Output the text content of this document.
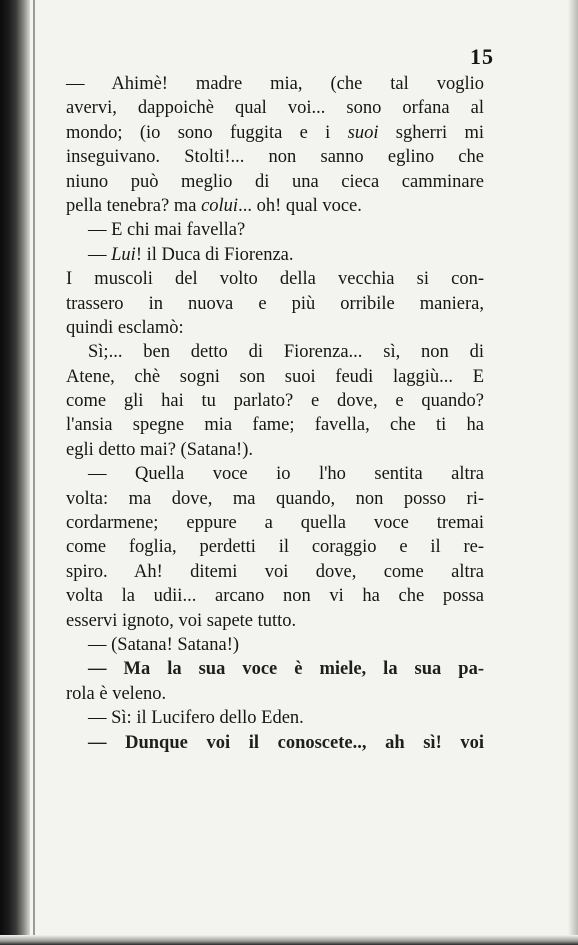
15
— Ahimè! madre mia, (che tal voglio
avervi, dappoichè qual voi... sono orfana al
mondo; (io sono fuggita e i suoi sgherri mi
inseguivano. Stolti!... non sanno eglino che
niuno può meglio di una cieca camminare
pella tenebra? ma colui... oh! qual voce.
— E chi mai favella?
— Lui! il Duca di Fiorenza.
I muscoli del volto della vecchia si con-
trassero in nuova e più orribile maniera,
quindi esclamò:
Sì;... ben detto di Fiorenza... sì, non di
Atene, chè sogni son suoi feudi laggiù... E
come gli hai tu parlato? e dove, e quando?
l'ansia spegne mia fame; favella, che ti ha
egli detto mai? (Satana!).
— Quella voce io l'ho sentita altra
volta: ma dove, ma quando, non posso ri-
cordarmene; eppure a quella voce tremai
come foglia, perdetti il coraggio e il re-
spiro. Ah! ditemi voi dove, come altra
volta la udii... arcano non vi ha che possa
esservi ignoto, voi sapete tutto.
— (Satana! Satana!)
— Ma la sua voce è miele, la sua pa-
rola è veleno.
— Sì: il Lucifero dello Eden.
— Dunque voi il conoscete.., ah sì! voi
